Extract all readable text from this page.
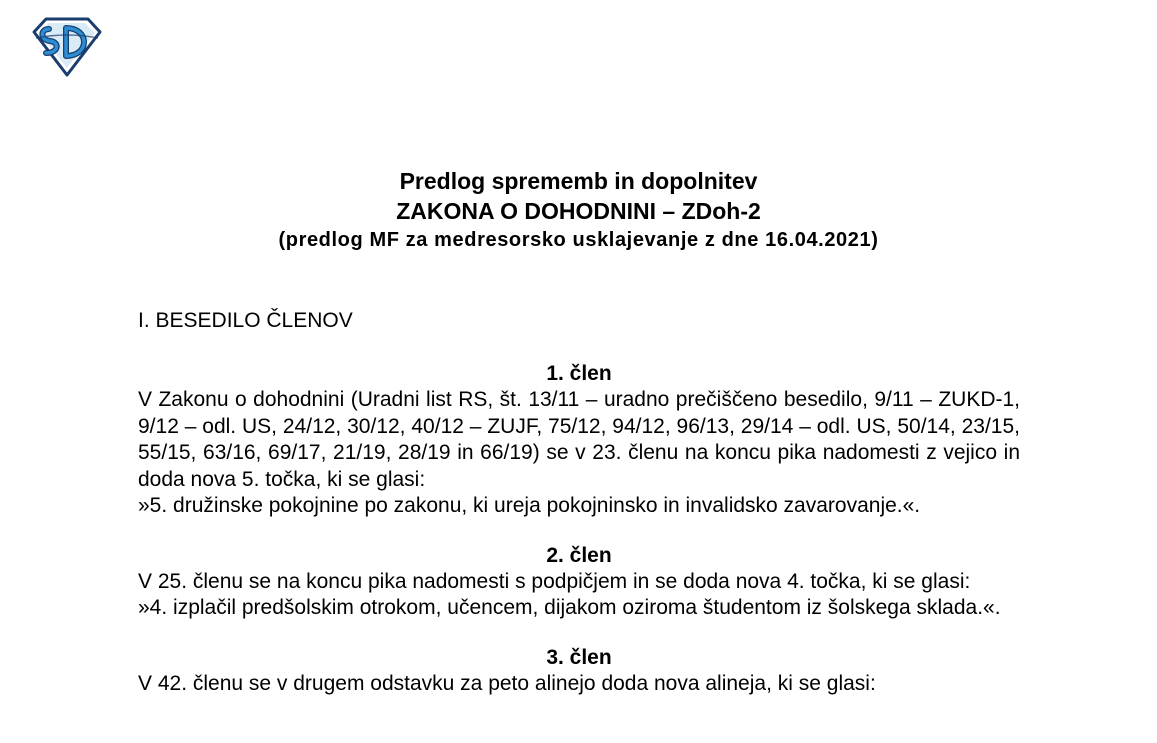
Predlog sprememb in dopolnitev
ZAKONA O DOHODNINI – ZDoh-2
(predlog MF za medresorsko usklajevanje z dne 16.04.2021)
I. BESEDILO ČLENOV
1. člen

V Zakonu o dohodnini (Uradni list RS, št. 13/11 – uradno prečiščeno besedilo, 9/11 – ZUKD-1, 9/12 – odl. US, 24/12, 30/12, 40/12 – ZUJF, 75/12, 94/12, 96/13, 29/14 – odl. US, 50/14, 23/15, 55/15, 63/16, 69/17, 21/19, 28/19 in 66/19) se v 23. členu na koncu pika nadomesti z vejico in doda nova 5. točka, ki se glasi:

»5. družinske pokojnine po zakonu, ki ureja pokojninsko in invalidsko zavarovanje.«.

2. člen

V 25. členu se na koncu pika nadomesti s podpičjem in se doda nova 4. točka, ki se glasi:

»4. izplačil predšolskim otrokom, učencem, dijakom oziroma študentom iz šolskega sklada.«.

3. člen

V 42. členu se v drugem odstavku za peto alinejo doda nova alineja, ki se glasi:
